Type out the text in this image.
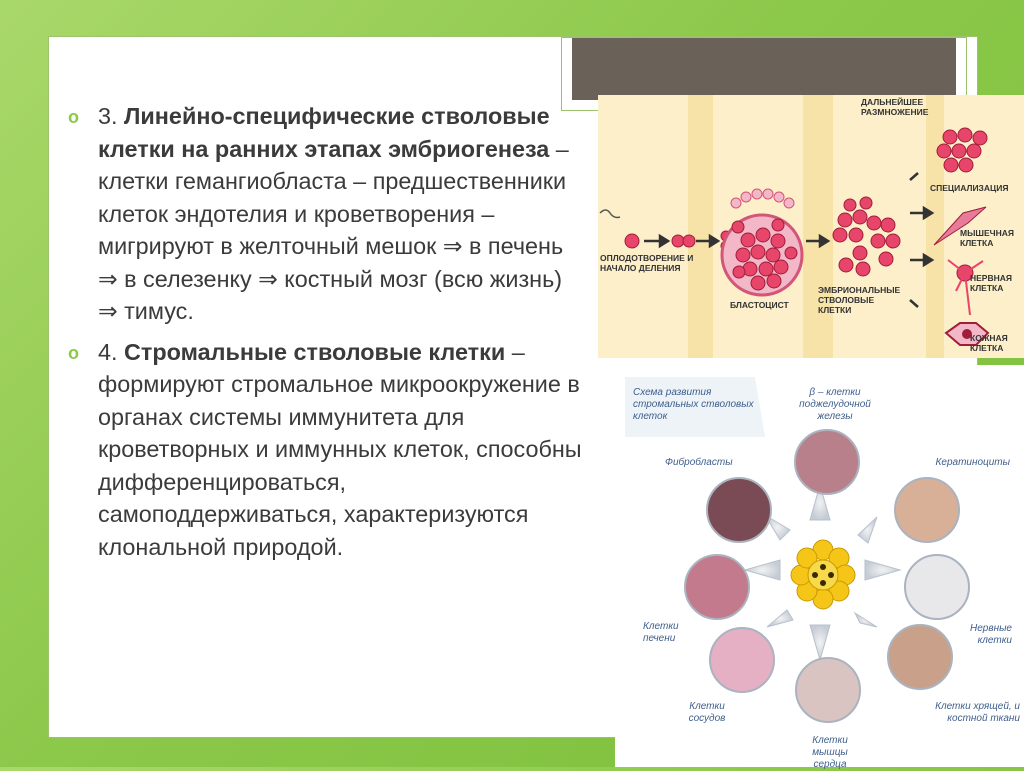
o 3. Линейно-специфические стволовые клетки на ранних этапах эмбриогенеза – клетки гемангиобласта – предшественники клеток эндотелия и кроветворения – мигрируют в желточный мешок ⇒ в печень ⇒ в селезенку ⇒ костный мозг (всю жизнь) ⇒ тимус.
o 4. Стромальные стволовые клетки – формируют стромальное микроокружение в органах системы иммунитета для кроветворных и иммунных клеток, способны дифференцироваться, самоподдерживаться, характеризуются клональной природой.
ОПЛОДОТВОРЕНИЕ И НАЧАЛО ДЕЛЕНИЯ
БЛАСТОЦИСТ
ЭМБРИОНАЛЬНЫЕ СТВОЛОВЫЕ КЛЕТКИ
ДАЛЬНЕЙШЕЕ РАЗМНОЖЕНИЕ
СПЕЦИАЛИЗАЦИЯ
МЫШЕЧНАЯ КЛЕТКА
НЕРВНАЯ КЛЕТКА
КОЖНАЯ КЛЕТКА
Схема развития стромальных стволовых клеток
β – клетки поджелудочной железы
Фибробласты	Кератиноциты
Клетки печени
Нервные клетки
Клетки сосудов
Клетки хрящей, и костной ткани
Клетки мышцы сердца
